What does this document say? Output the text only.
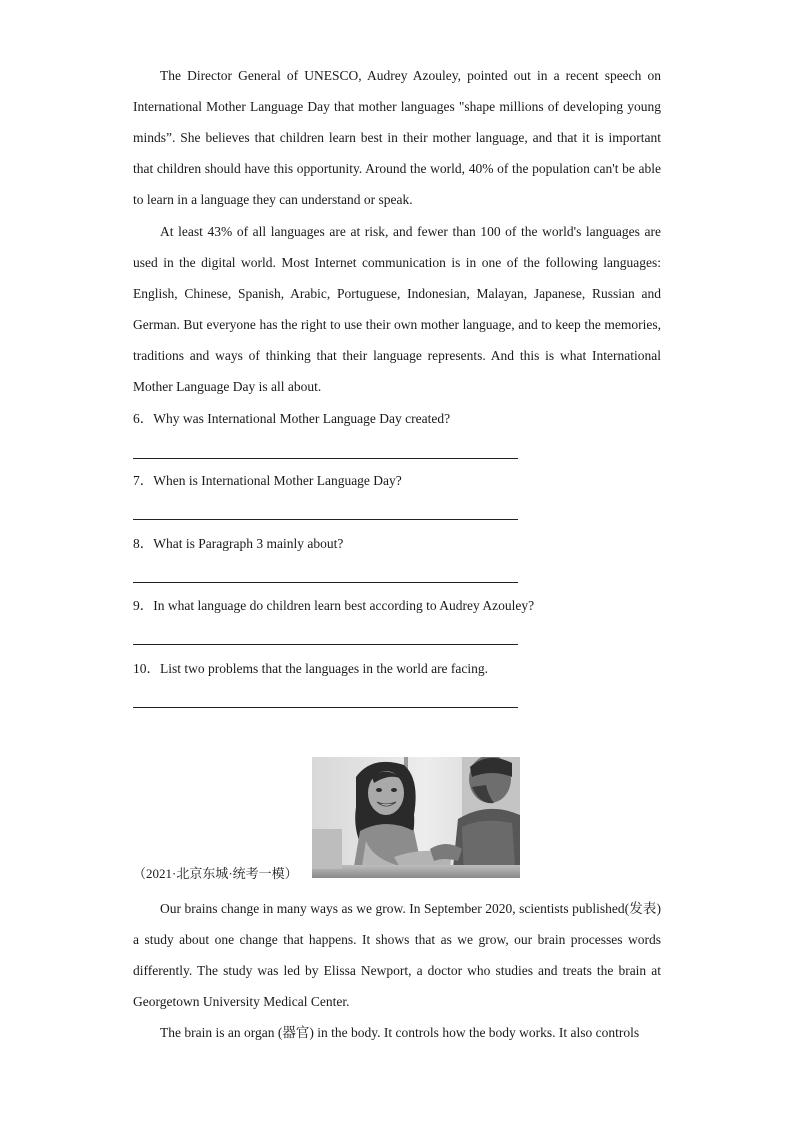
The Director General of UNESCO, Audrey Azouley, pointed out in a recent speech on International Mother Language Day that mother languages "shape millions of developing young minds”. She believes that children learn best in their mother language, and that it is important that children should have this opportunity. Around the world, 40% of the population can't be able to learn in a language they can understand or speak.

At least 43% of all languages are at risk, and fewer than 100 of the world's languages are used in the digital world. Most Internet communication is in one of the following languages: English, Chinese, Spanish, Arabic, Portuguese, Indonesian, Malayan, Japanese, Russian and German. But everyone has the right to use their own mother language, and to keep the memories, traditions and ways of thinking that their language represents. And this is what International Mother Language Day is all about.

6．Why was International Mother Language Day created?

7．When is International Mother Language Day?

8．What is Paragraph 3 mainly about?

9．In what language do children learn best according to Audrey Azouley?

10．List two problems that the languages in the world are facing.

（2021·北京东城·统考一模）

Our brains change in many ways as we grow. In September 2020, scientists published(发表) a study about one change that happens. It shows that as we grow, our brain processes words differently. The study was led by Elissa Newport, a doctor who studies and treats the brain at Georgetown University Medical Center.

The brain is an organ (器官) in the body. It controls how the body works. It also controls
